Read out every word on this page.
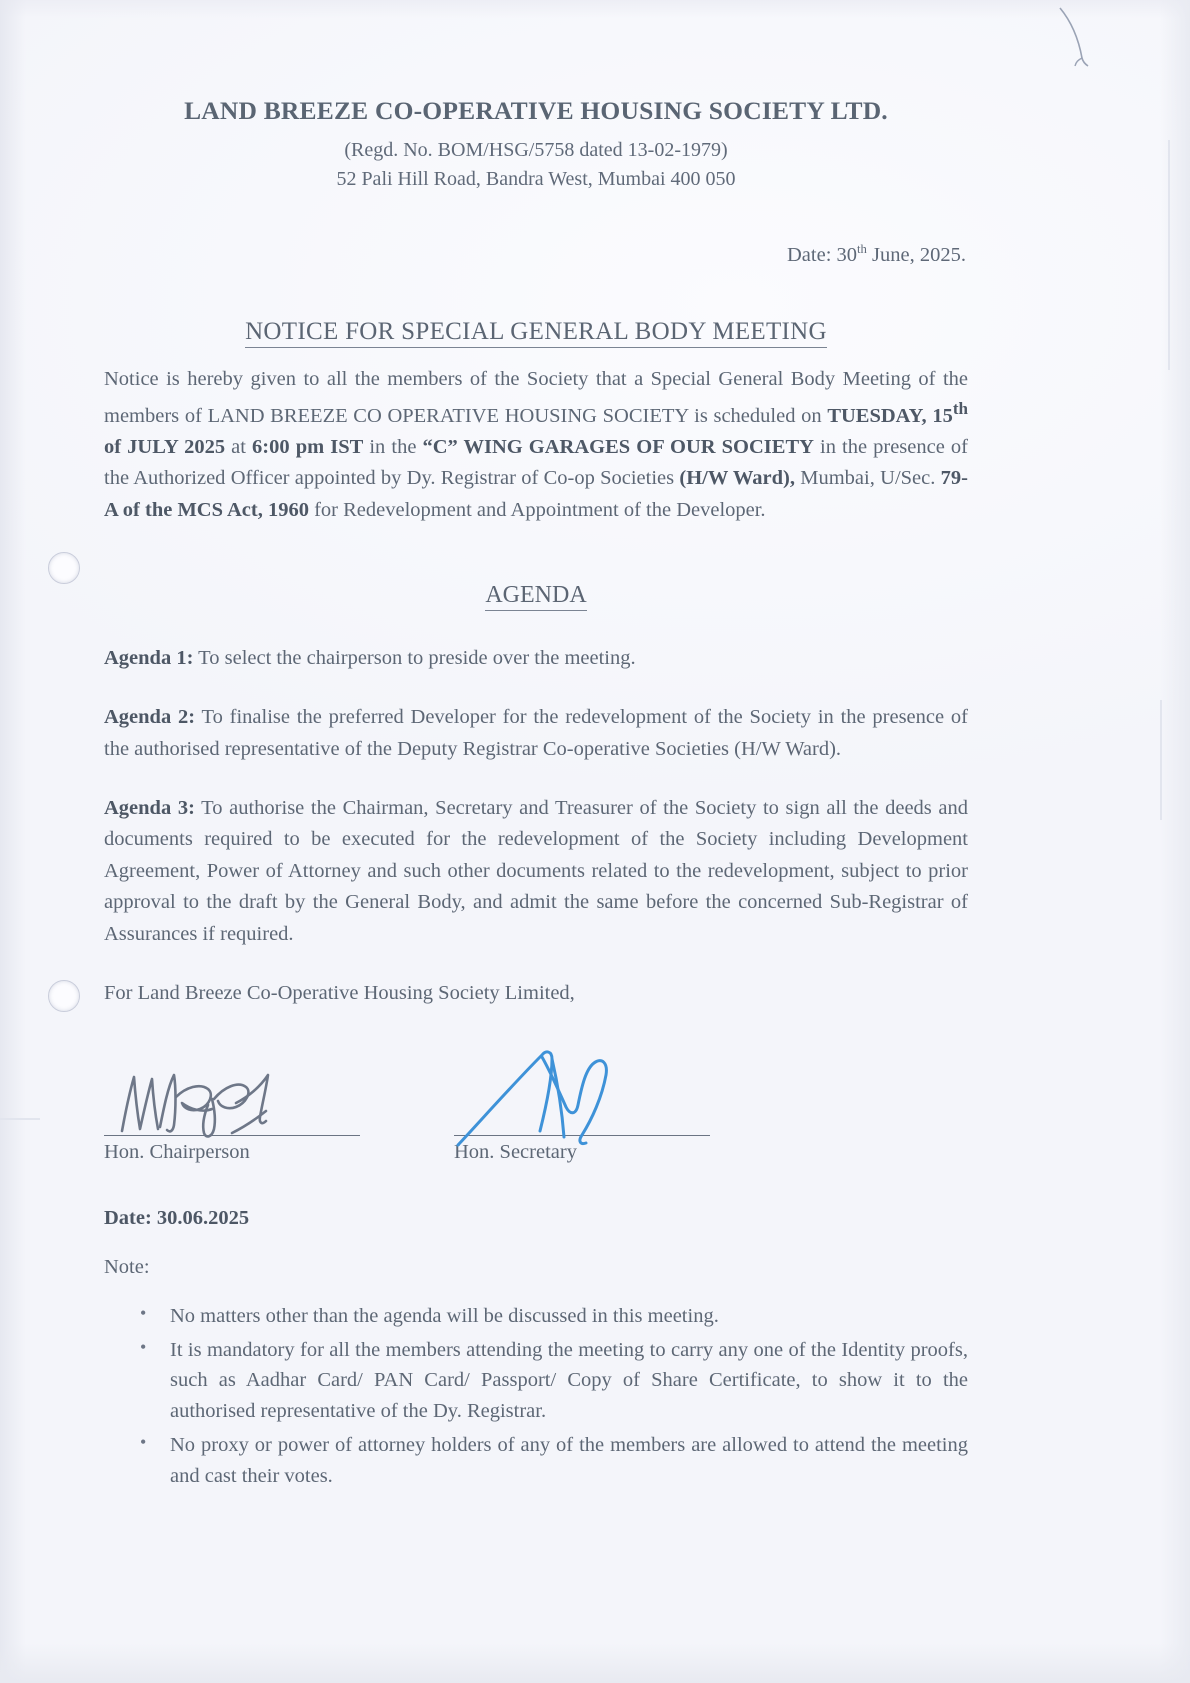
LAND BREEZE CO-OPERATIVE HOUSING SOCIETY LTD.
(Regd. No. BOM/HSG/5758 dated 13-02-1979)
52 Pali Hill Road, Bandra West, Mumbai 400 050
Date: 30th June, 2025.
NOTICE FOR SPECIAL GENERAL BODY MEETING
Notice is hereby given to all the members of the Society that a Special General Body Meeting of the members of LAND BREEZE CO OPERATIVE HOUSING SOCIETY is scheduled on TUESDAY, 15th of JULY 2025 at 6:00 pm IST in the “C” WING GARAGES OF OUR SOCIETY in the presence of the Authorized Officer appointed by Dy. Registrar of Co-op Societies (H/W Ward), Mumbai, U/Sec. 79-A of the MCS Act, 1960 for Redevelopment and Appointment of the Developer.
AGENDA
Agenda 1: To select the chairperson to preside over the meeting.
Agenda 2: To finalise the preferred Developer for the redevelopment of the Society in the presence of the authorised representative of the Deputy Registrar Co-operative Societies (H/W Ward).
Agenda 3: To authorise the Chairman, Secretary and Treasurer of the Society to sign all the deeds and documents required to be executed for the redevelopment of the Society including Development Agreement, Power of Attorney and such other documents related to the redevelopment, subject to prior approval to the draft by the General Body, and admit the same before the concerned Sub-Registrar of Assurances if required.
For Land Breeze Co-Operative Housing Society Limited,
Hon. Chairperson	Hon. Secretary
Date: 30.06.2025
Note:
• No matters other than the agenda will be discussed in this meeting.
• It is mandatory for all the members attending the meeting to carry any one of the Identity proofs, such as Aadhar Card/ PAN Card/ Passport/ Copy of Share Certificate, to show it to the authorised representative of the Dy. Registrar.
• No proxy or power of attorney holders of any of the members are allowed to attend the meeting and cast their votes.
